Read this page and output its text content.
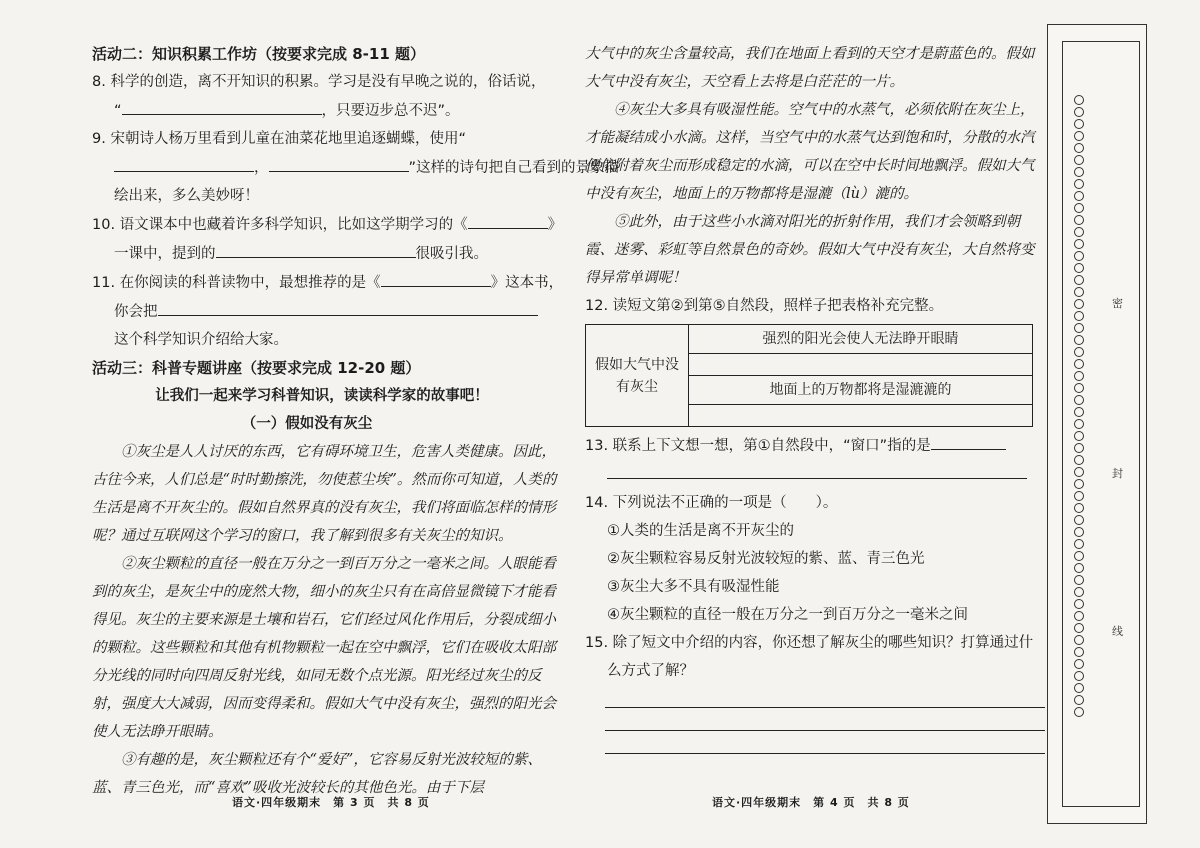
活动二：知识积累工作坊（按要求完成 8-11 题）
8. 科学的创造，离不开知识的积累。学习是没有早晚之说的，俗话说，
“	，只要迈步总不迟”。
9. 宋朝诗人杨万里看到儿童在油菜花地里追逐蝴蝶，使用“
，	”这样的诗句把自己看到的景象描
绘出来，多么美妙呀！
10. 语文课本中也藏着许多科学知识，比如这学期学习的《	》
一课中，提到的	很吸引我。
11. 在你阅读的科普读物中，最想推荐的是《	》这本书，
你会把
这个科学知识介绍给大家。
活动三：科普专题讲座（按要求完成 12-20 题）
让我们一起来学习科普知识，读读科学家的故事吧！
（一）假如没有灰尘

①灰尘是人人讨厌的东西，它有碍环境卫生，危害人类健康。因此，古往今来，人们总是“时时勤擦洗，勿使惹尘埃”。然而你可知道，人类的生活是离不开灰尘的。假如自然界真的没有灰尘，我们将面临怎样的情形呢？通过互联网这个学习的窗口，我了解到很多有关灰尘的知识。

②灰尘颗粒的直径一般在万分之一到百万分之一毫米之间。人眼能看到的灰尘，是灰尘中的庞然大物，细小的灰尘只有在高倍显微镜下才能看得见。灰尘的主要来源是土壤和岩石，它们经过风化作用后，分裂成细小的颗粒。这些颗粒和其他有机物颗粒一起在空中飘浮，它们在吸收太阳部分光线的同时向四周反射光线，如同无数个点光源。阳光经过灰尘的反射，强度大大减弱，因而变得柔和。假如大气中没有灰尘，强烈的阳光会使人无法睁开眼睛。

③有趣的是，灰尘颗粒还有个“爱好”，它容易反射光波较短的紫、蓝、青三色光，而“喜欢”吸收光波较长的其他色光。由于下层

语文·四年级期末　第 3 页　共 8 页

大气中的灰尘含量较高，我们在地面上看到的天空才是蔚蓝色的。假如大气中没有灰尘，天空看上去将是白茫茫的一片。

④灰尘大多具有吸湿性能。空气中的水蒸气，必须依附在灰尘上，才能凝结成小水滴。这样，当空气中的水蒸气达到饱和时，分散的水汽便依附着灰尘而形成稳定的水滴，可以在空中长时间地飘浮。假如大气中没有灰尘，地面上的万物都将是湿漉（lù）漉的。

⑤此外，由于这些小水滴对阳光的折射作用，我们才会领略到朝霞、迷雾、彩虹等自然景色的奇妙。假如大气中没有灰尘，大自然将变得异常单调呢！

12. 读短文第②到第⑤自然段，照样子把表格补充完整。
假如大气中没
有灰尘
	强烈的阳光会使人无法睁开眼睛

地面上的万物都将是湿漉漉的

13. 联系上下文想一想，第①自然段中，“窗口”指的是
14. 下列说法不正确的一项是（　　）。
①人类的生活是离不开灰尘的
②灰尘颗粒容易反射光波较短的紫、蓝、青三色光
③灰尘大多不具有吸湿性能
④灰尘颗粒的直径一般在万分之一到百万分之一毫米之间
15. 除了短文中介绍的内容，你还想了解灰尘的哪些知识？打算通过什
么方式了解？
语文·四年级期末　第 4 页　共 8 页
密
封
线
